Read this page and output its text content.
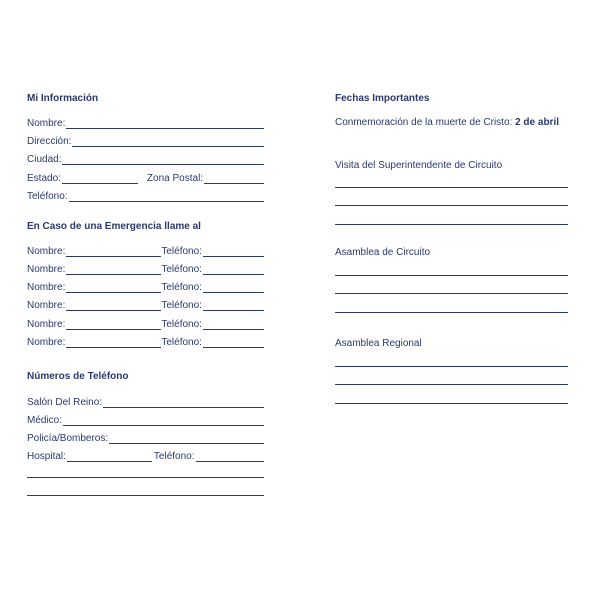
Mi Información
Nombre:
Dirección:
Ciudad:
Estado:	Zona Postal:
Teléfono:
En Caso de una Emergencia llame al
Nombre:	Teléfono:
Nombre:	Teléfono:
Nombre:	Teléfono:
Nombre:	Teléfono:
Nombre:	Teléfono:
Nombre:	Teléfono:
Números de Teléfono
Salón Del Reino:
Médico:
Policía/Bomberos:
Hospital:	Teléfono:
Fechas Importantes
Conmemoración de la muerte de Cristo: 2 de abril
Visita del Superintendente de Circuito
Asamblea de Circuito
Asamblea Regional
